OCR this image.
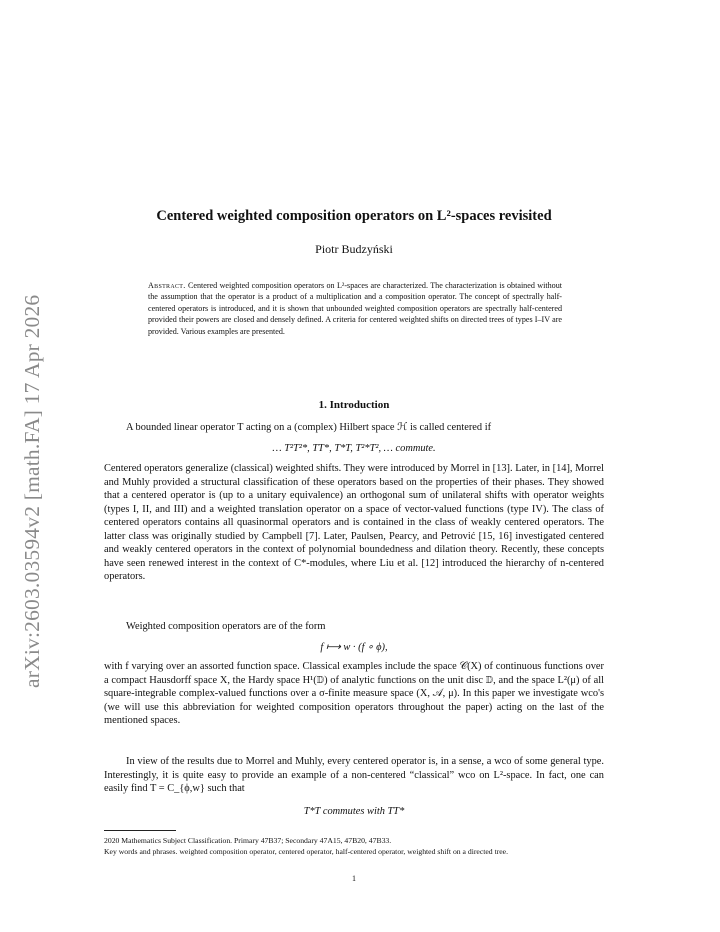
arXiv:2603.03594v2 [math.FA] 17 Apr 2026
Centered weighted composition operators on L²-spaces revisited
Piotr Budzyński
Abstract. Centered weighted composition operators on L²-spaces are characterized. The characterization is obtained without the assumption that the operator is a product of a multiplication and a composition operator. The concept of spectrally half-centered operators is introduced, and it is shown that unbounded weighted composition operators are spectrally half-centered provided their powers are closed and densely defined. A criteria for centered weighted shifts on directed trees of types I–IV are provided. Various examples are presented.
1. Introduction

A bounded linear operator T acting on a (complex) Hilbert space ℋ is called centered if

… T²T²*, TT*, T*T, T²*T², … commute.

Centered operators generalize (classical) weighted shifts. They were introduced by Morrel in [13]. Later, in [14], Morrel and Muhly provided a structural classification of these operators based on the properties of their phases. They showed that a centered operator is (up to a unitary equivalence) an orthogonal sum of unilateral shifts with operator weights (types I, II, and III) and a weighted translation operator on a space of vector-valued functions (type IV). The class of centered operators contains all quasinormal operators and is contained in the class of weakly centered operators. The latter class was originally studied by Campbell [7]. Later, Paulsen, Pearcy, and Petrović [15, 16] investigated centered and weakly centered operators in the context of polynomial boundedness and dilation theory. Recently, these concepts have seen renewed interest in the context of C*-modules, where Liu et al. [12] introduced the hierarchy of n-centered operators.

Weighted composition operators are of the form

f ⟼ w · (f ∘ ϕ),

with f varying over an assorted function space. Classical examples include the space 𝒞(X) of continuous functions over a compact Hausdorff space X, the Hardy space H¹(𝔻) of analytic functions on the unit disc 𝔻, and the space L²(μ) of all square-integrable complex-valued functions over a σ-finite measure space (X, 𝒜, μ). In this paper we investigate wco's (we will use this abbreviation for weighted composition operators throughout the paper) acting on the last of the mentioned spaces.

In view of the results due to Morrel and Muhly, every centered operator is, in a sense, a wco of some general type. Interestingly, it is quite easy to provide an example of a non-centered “classical” wco on L²-space. In fact, one can easily find T = C_{ϕ,w} such that

T*T commutes with TT*

2020 Mathematics Subject Classification. Primary 47B37; Secondary 47A15, 47B20, 47B33.

Key words and phrases. weighted composition operator, centered operator, half-centered operator, weighted shift on a directed tree.

1
